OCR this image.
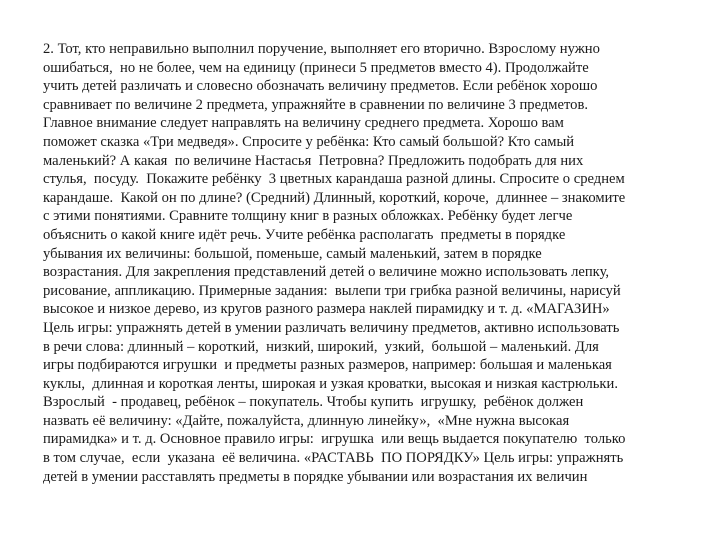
2. Тот, кто неправильно выполнил поручение, выполняет его вторично. Взрослому нужно
ошибаться,  но не более, чем на единицу (принеси 5 предметов вместо 4). Продолжайте
учить детей различать и словесно обозначать величину предметов. Если ребёнок хорошо
сравнивает по величине 2 предмета, упражняйте в сравнении по величине 3 предметов.
Главное внимание следует направлять на величину среднего предмета. Хорошо вам
поможет сказка «Три медведя». Спросите у ребёнка: Кто самый большой? Кто самый
маленький? А какая  по величине Настасья  Петровна? Предложить подобрать для них
стулья,  посуду.  Покажите ребёнку  3 цветных карандаша разной длины. Спросите о среднем
карандаше.  Какой он по длине? (Средний) Длинный, короткий, короче,  длиннее – знакомите
с этими понятиями. Сравните толщину книг в разных обложках. Ребёнку будет легче
объяснить о какой книге идёт речь. Учите ребёнка располагать  предметы в порядке
убывания их величины: большой, поменьше, самый маленький, затем в порядке
возрастания. Для закрепления представлений детей о величине можно использовать лепку,
рисование, аппликацию. Примерные задания:  вылепи три грибка разной величины, нарисуй
высокое и низкое дерево, из кругов разного размера наклей пирамидку и т. д. «МАГАЗИН»
Цель игры: упражнять детей в умении различать величину предметов, активно использовать
в речи слова: длинный – короткий,  низкий, широкий,  узкий,  большой – маленький. Для
игры подбираются игрушки  и предметы разных размеров, например: большая и маленькая
куклы,  длинная и короткая ленты, широкая и узкая кроватки, высокая и низкая кастрюльки.
Взрослый  - продавец, ребёнок – покупатель. Чтобы купить  игрушку,  ребёнок должен
назвать её величину: «Дайте, пожалуйста, длинную линейку»,  «Мне нужна высокая
пирамидка» и т. д. Основное правило игры:  игрушка  или вещь выдается покупателю  только
в том случае,  если  указана  её величина. «РАСТАВЬ  ПО ПОРЯДКУ» Цель игры: упражнять
детей в умении расставлять предметы в порядке убывании или возрастания их величин
